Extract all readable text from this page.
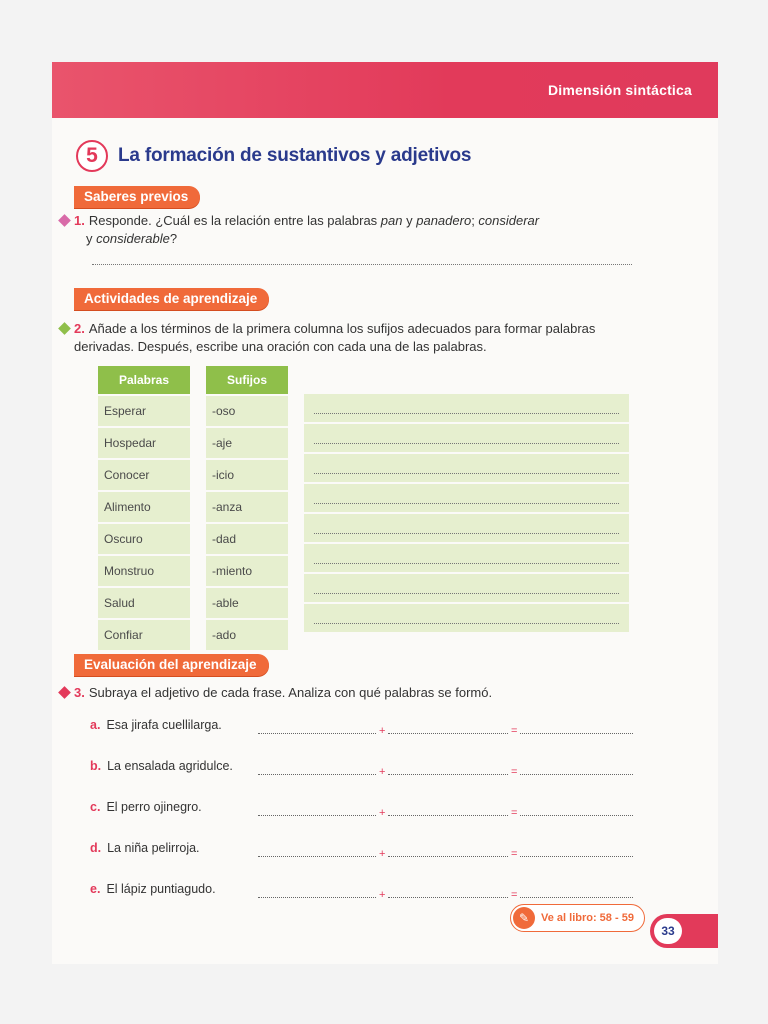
Dimensión sintáctica
5	La formación de sustantivos y adjetivos
Saberes previos
1. Responde. ¿Cuál es la relación entre las palabras pan y panadero; considerar
y considerable?
Actividades de aprendizaje
2. Añade a los términos de la primera columna los sufijos adecuados para formar palabras derivadas. Después, escribe una oración con cada una de las palabras.
Palabras		Sufijos
Esperar		-oso
Hospedar		-aje
Conocer		-icio
Alimento		-anza
Oscuro		-dad
Monstruo		-miento
Salud		-able
Confiar		-ado
Evaluación del aprendizaje
3. Subraya el adjetivo de cada frase. Analiza con qué palabras se formó.
a. Esa jirafa cuellilarga.	+	=
b. La ensalada agridulce.	+	=
c. El perro ojinegro.	+	=
d. La niña pelirroja.	+	=
e. El lápiz puntiagudo.	+	=
✎	Ve al libro: 58 - 59
33
